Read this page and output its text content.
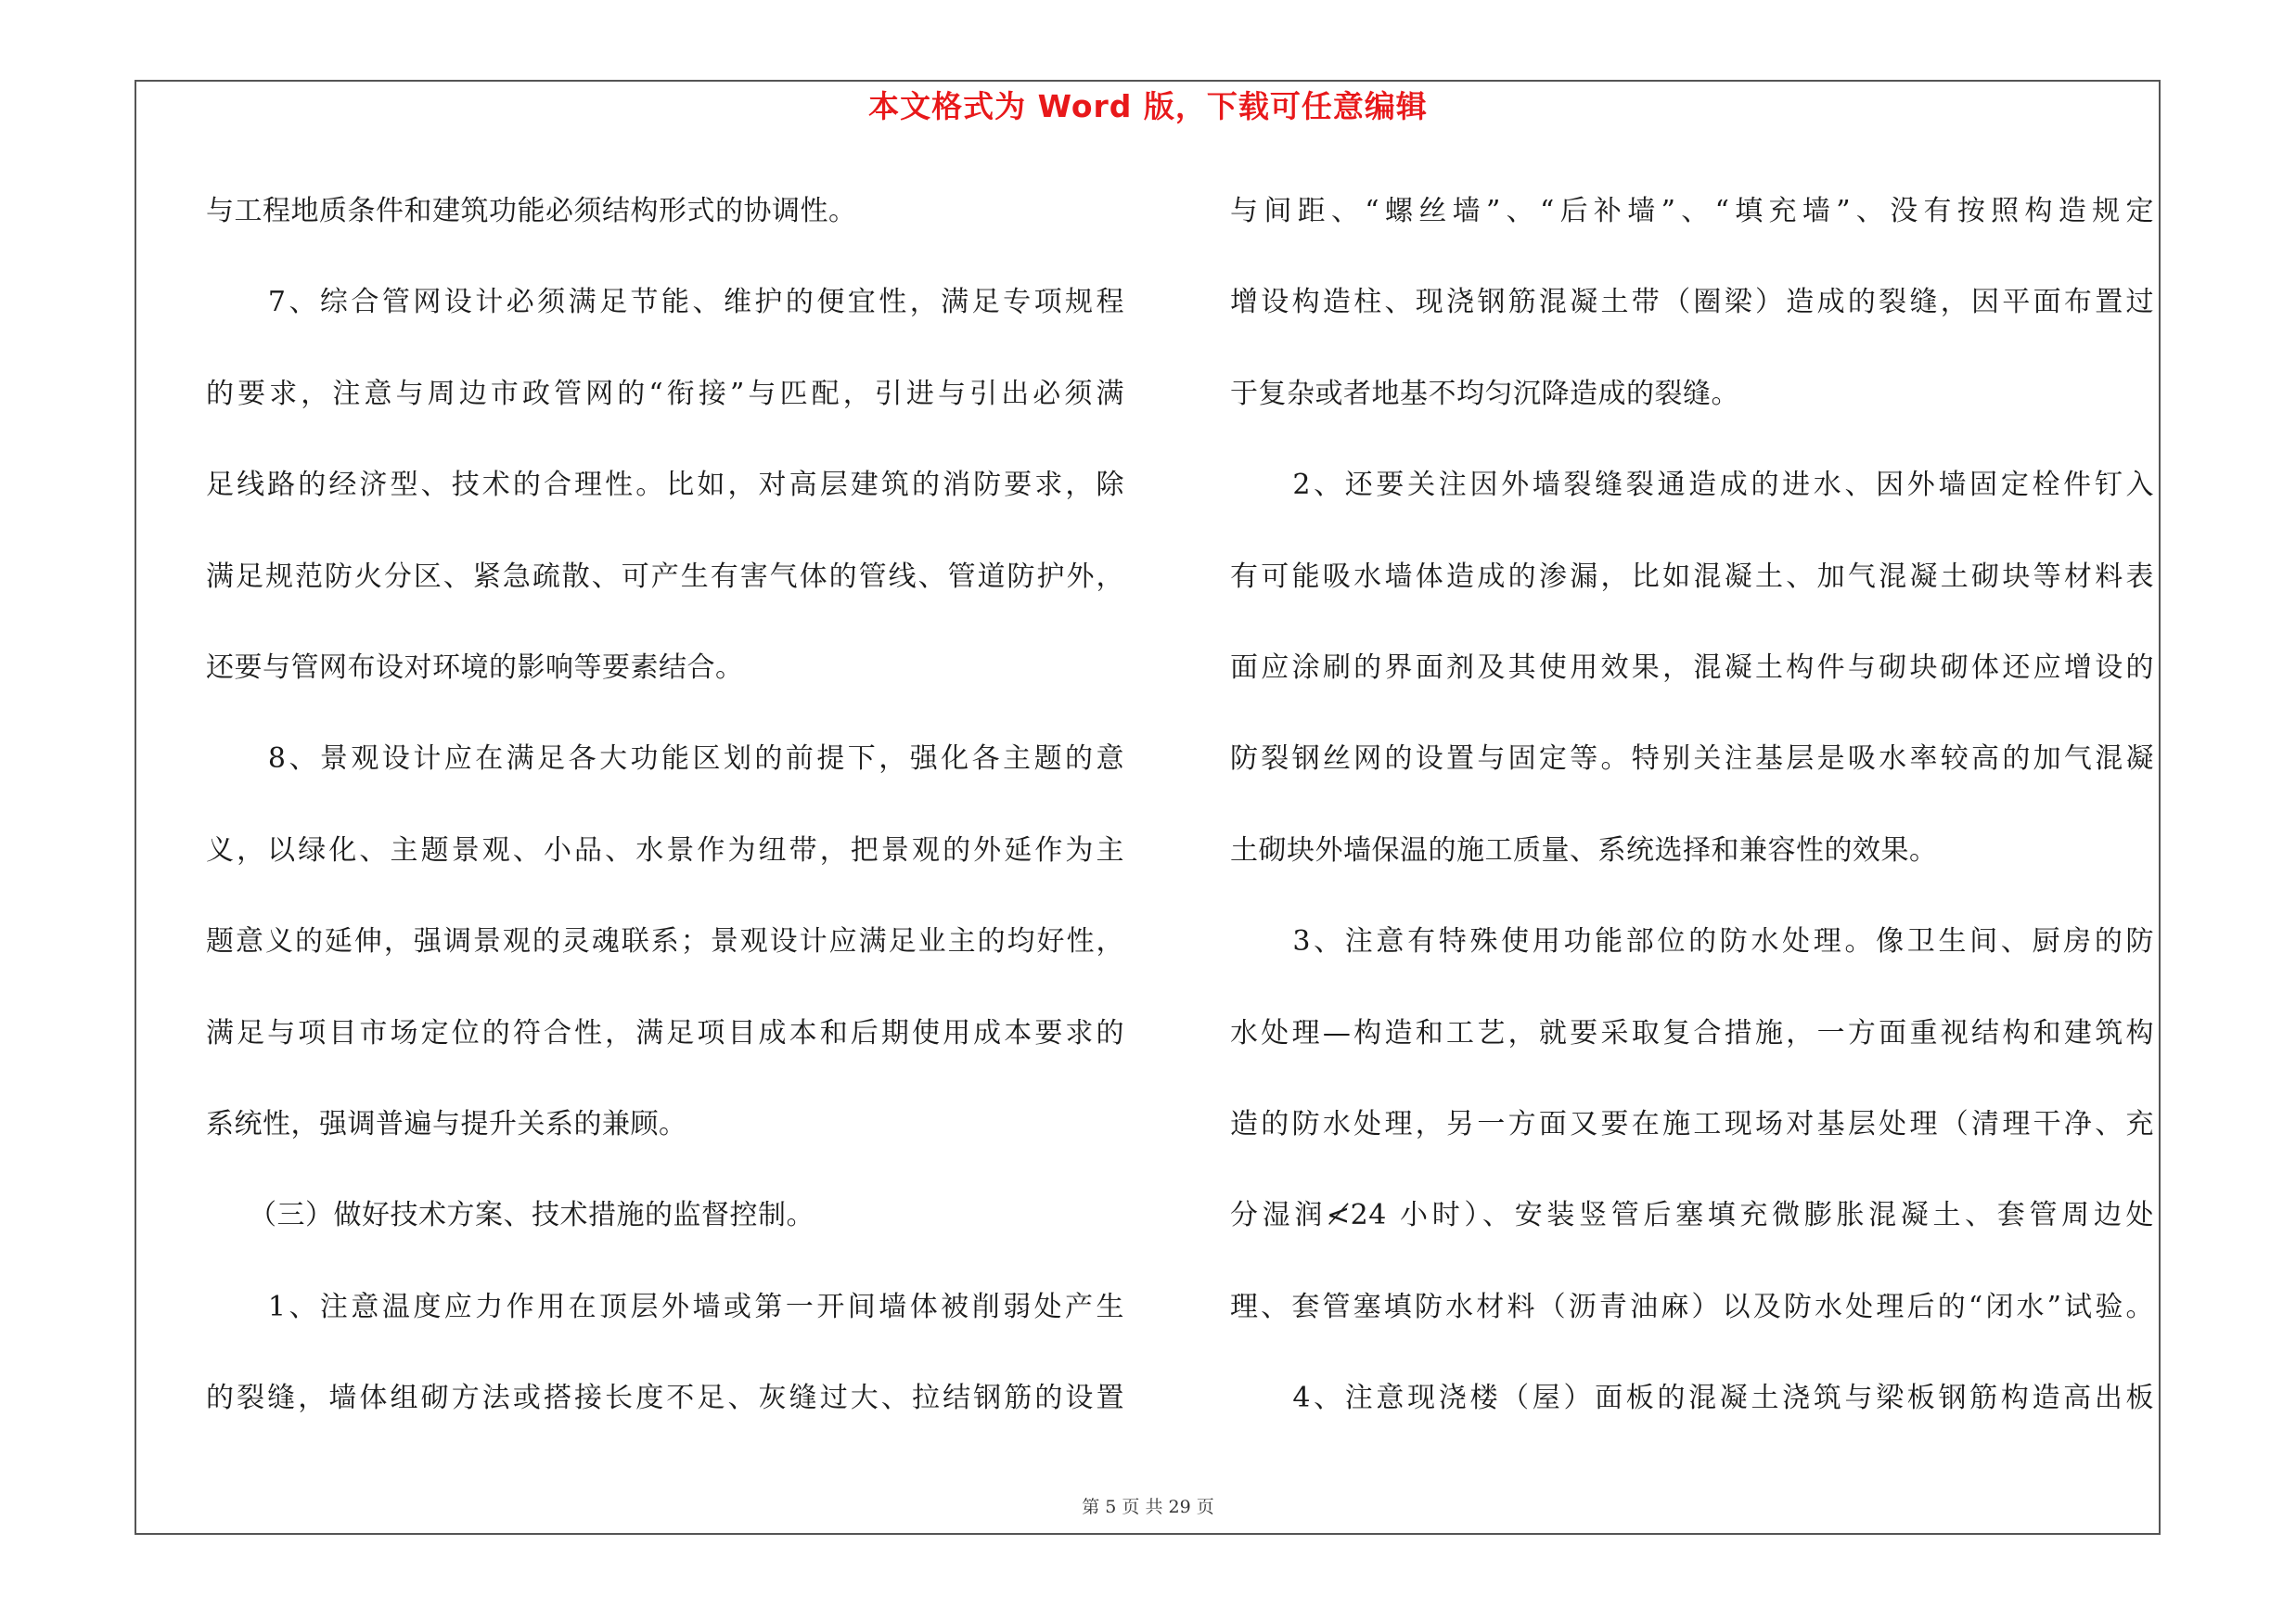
本文格式为 Word 版，下载可任意编辑
与工程地质条件和建筑功能必须结构形式的协调性。
　　7、综合管网设计必须满足节能、维护的便宜性，满足专项规程
的要求，注意与周边市政管网的“衔接”与匹配，引进与引出必须满
足线路的经济型、技术的合理性。比如，对高层建筑的消防要求，除
满足规范防火分区、紧急疏散、可产生有害气体的管线、管道防护外，
还要与管网布设对环境的影响等要素结合。
　　8、景观设计应在满足各大功能区划的前提下，强化各主题的意
义，以绿化、主题景观、小品、水景作为纽带，把景观的外延作为主
题意义的延伸，强调景观的灵魂联系；景观设计应满足业主的均好性，
满足与项目市场定位的符合性，满足项目成本和后期使用成本要求的
系统性，强调普遍与提升关系的兼顾。
　　（三）做好技术方案、技术措施的监督控制。
　　1、注意温度应力作用在顶层外墙或第一开间墙体被削弱处产生
的裂缝，墙体组砌方法或搭接长度不足、灰缝过大、拉结钢筋的设置
与间距、“螺丝墙”、“后补墙”、“填充墙”、没有按照构造规定
增设构造柱、现浇钢筋混凝土带（圈梁）造成的裂缝，因平面布置过
于复杂或者地基不均匀沉降造成的裂缝。
　　2、还要关注因外墙裂缝裂通造成的进水、因外墙固定栓件钉入
有可能吸水墙体造成的渗漏，比如混凝土、加气混凝土砌块等材料表
面应涂刷的界面剂及其使用效果，混凝土构件与砌块砌体还应增设的
防裂钢丝网的设置与固定等。特别关注基层是吸水率较高的加气混凝
土砌块外墙保温的施工质量、系统选择和兼容性的效果。
　　3、注意有特殊使用功能部位的防水处理。像卫生间、厨房的防
水处理—构造和工艺，就要采取复合措施，一方面重视结构和建筑构
造的防水处理，另一方面又要在施工现场对基层处理（清理干净、充
分湿润≮24 小时）、安装竖管后塞填充微膨胀混凝土、套管周边处
理、套管塞填防水材料（沥青油麻）以及防水处理后的“闭水”试验。
　　4、注意现浇楼（屋）面板的混凝土浇筑与梁板钢筋构造高出板
第 5 页 共 29 页
